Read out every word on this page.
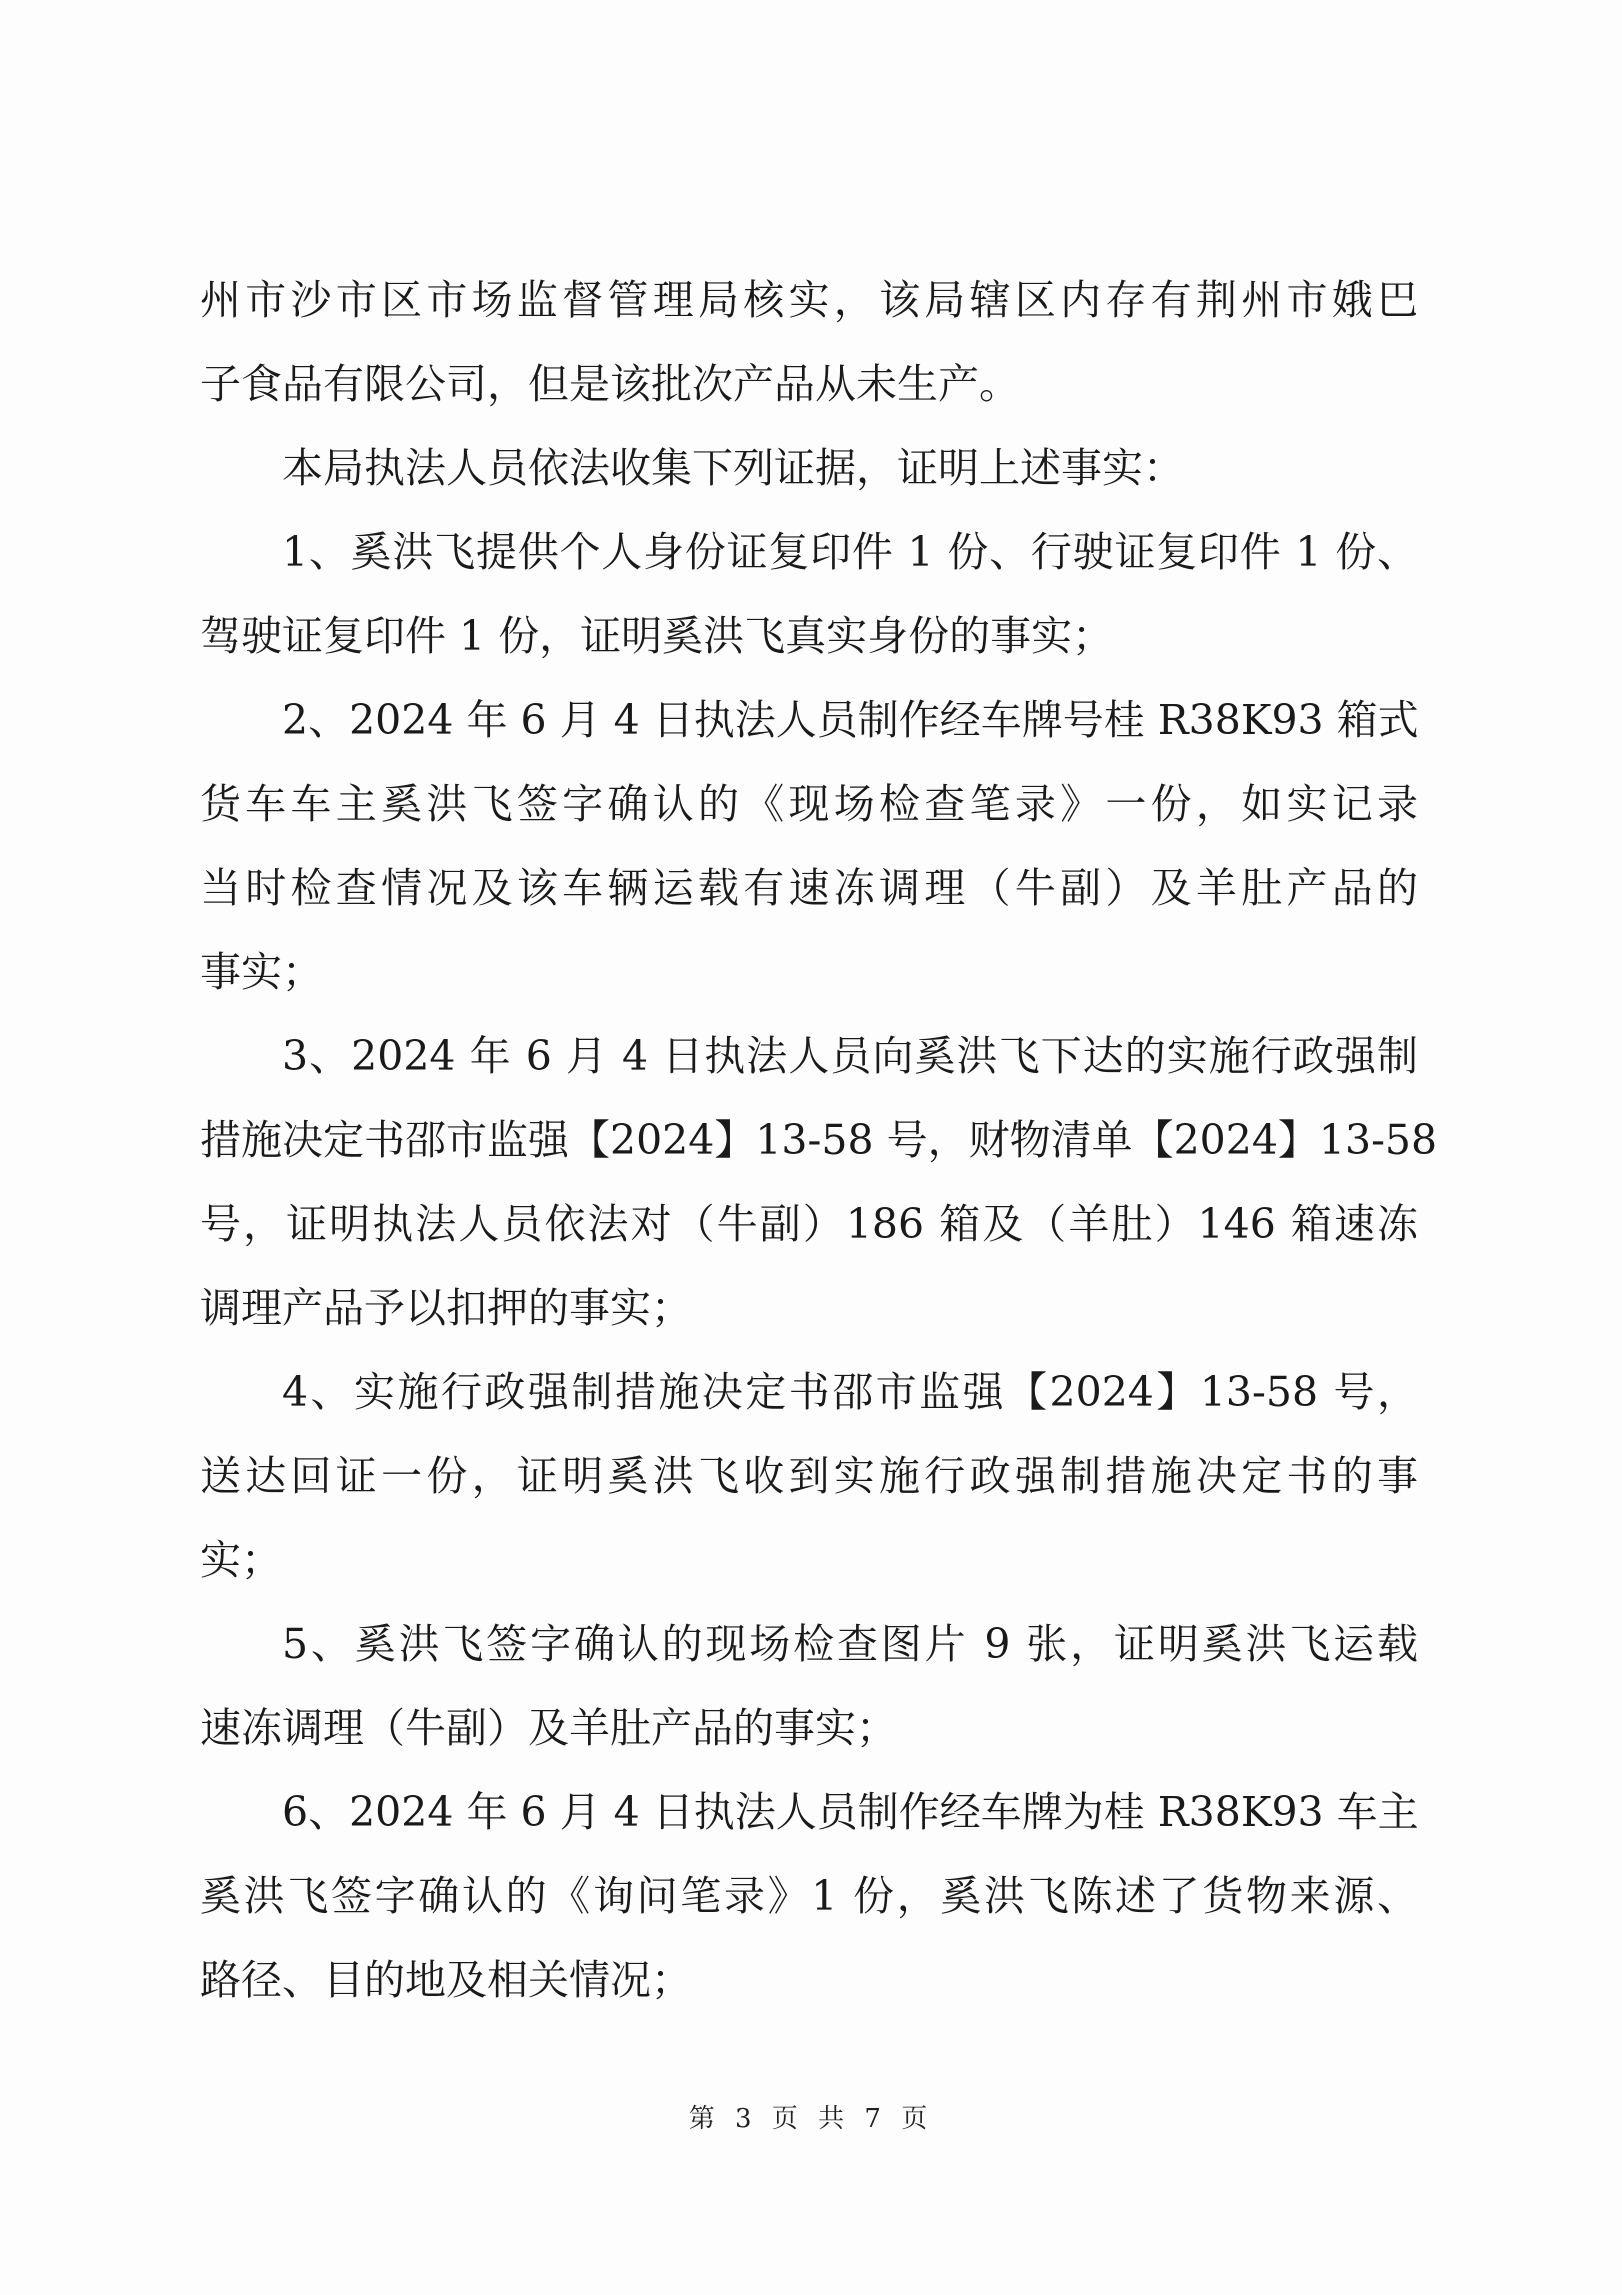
州市沙市区市场监督管理局核实，该局辖区内存有荆州市娥巴
子食品有限公司，但是该批次产品从未生产。
本局执法人员依法收集下列证据，证明上述事实：
1、奚洪飞提供个人身份证复印件 1 份、行驶证复印件 1 份、
驾驶证复印件 1 份，证明奚洪飞真实身份的事实；
2、2024 年 6 月 4 日执法人员制作经车牌号桂 R38K93 箱式
货车车主奚洪飞签字确认的《现场检查笔录》一份，如实记录
当时检查情况及该车辆运载有速冻调理（牛副）及羊肚产品的
事实；
3、2024 年 6 月 4 日执法人员向奚洪飞下达的实施行政强制
措施决定书邵市监强【2024】13-58 号，财物清单【2024】13-58
号，证明执法人员依法对（牛副）186 箱及（羊肚）146 箱速冻
调理产品予以扣押的事实；
4、实施行政强制措施决定书邵市监强【2024】13-58 号，
送达回证一份，证明奚洪飞收到实施行政强制措施决定书的事
实；
5、奚洪飞签字确认的现场检查图片 9 张，证明奚洪飞运载
速冻调理（牛副）及羊肚产品的事实；
6、2024 年 6 月 4 日执法人员制作经车牌为桂 R38K93 车主
奚洪飞签字确认的《询问笔录》1 份，奚洪飞陈述了货物来源、
路径、目的地及相关情况；
第 3 页 共 7 页
